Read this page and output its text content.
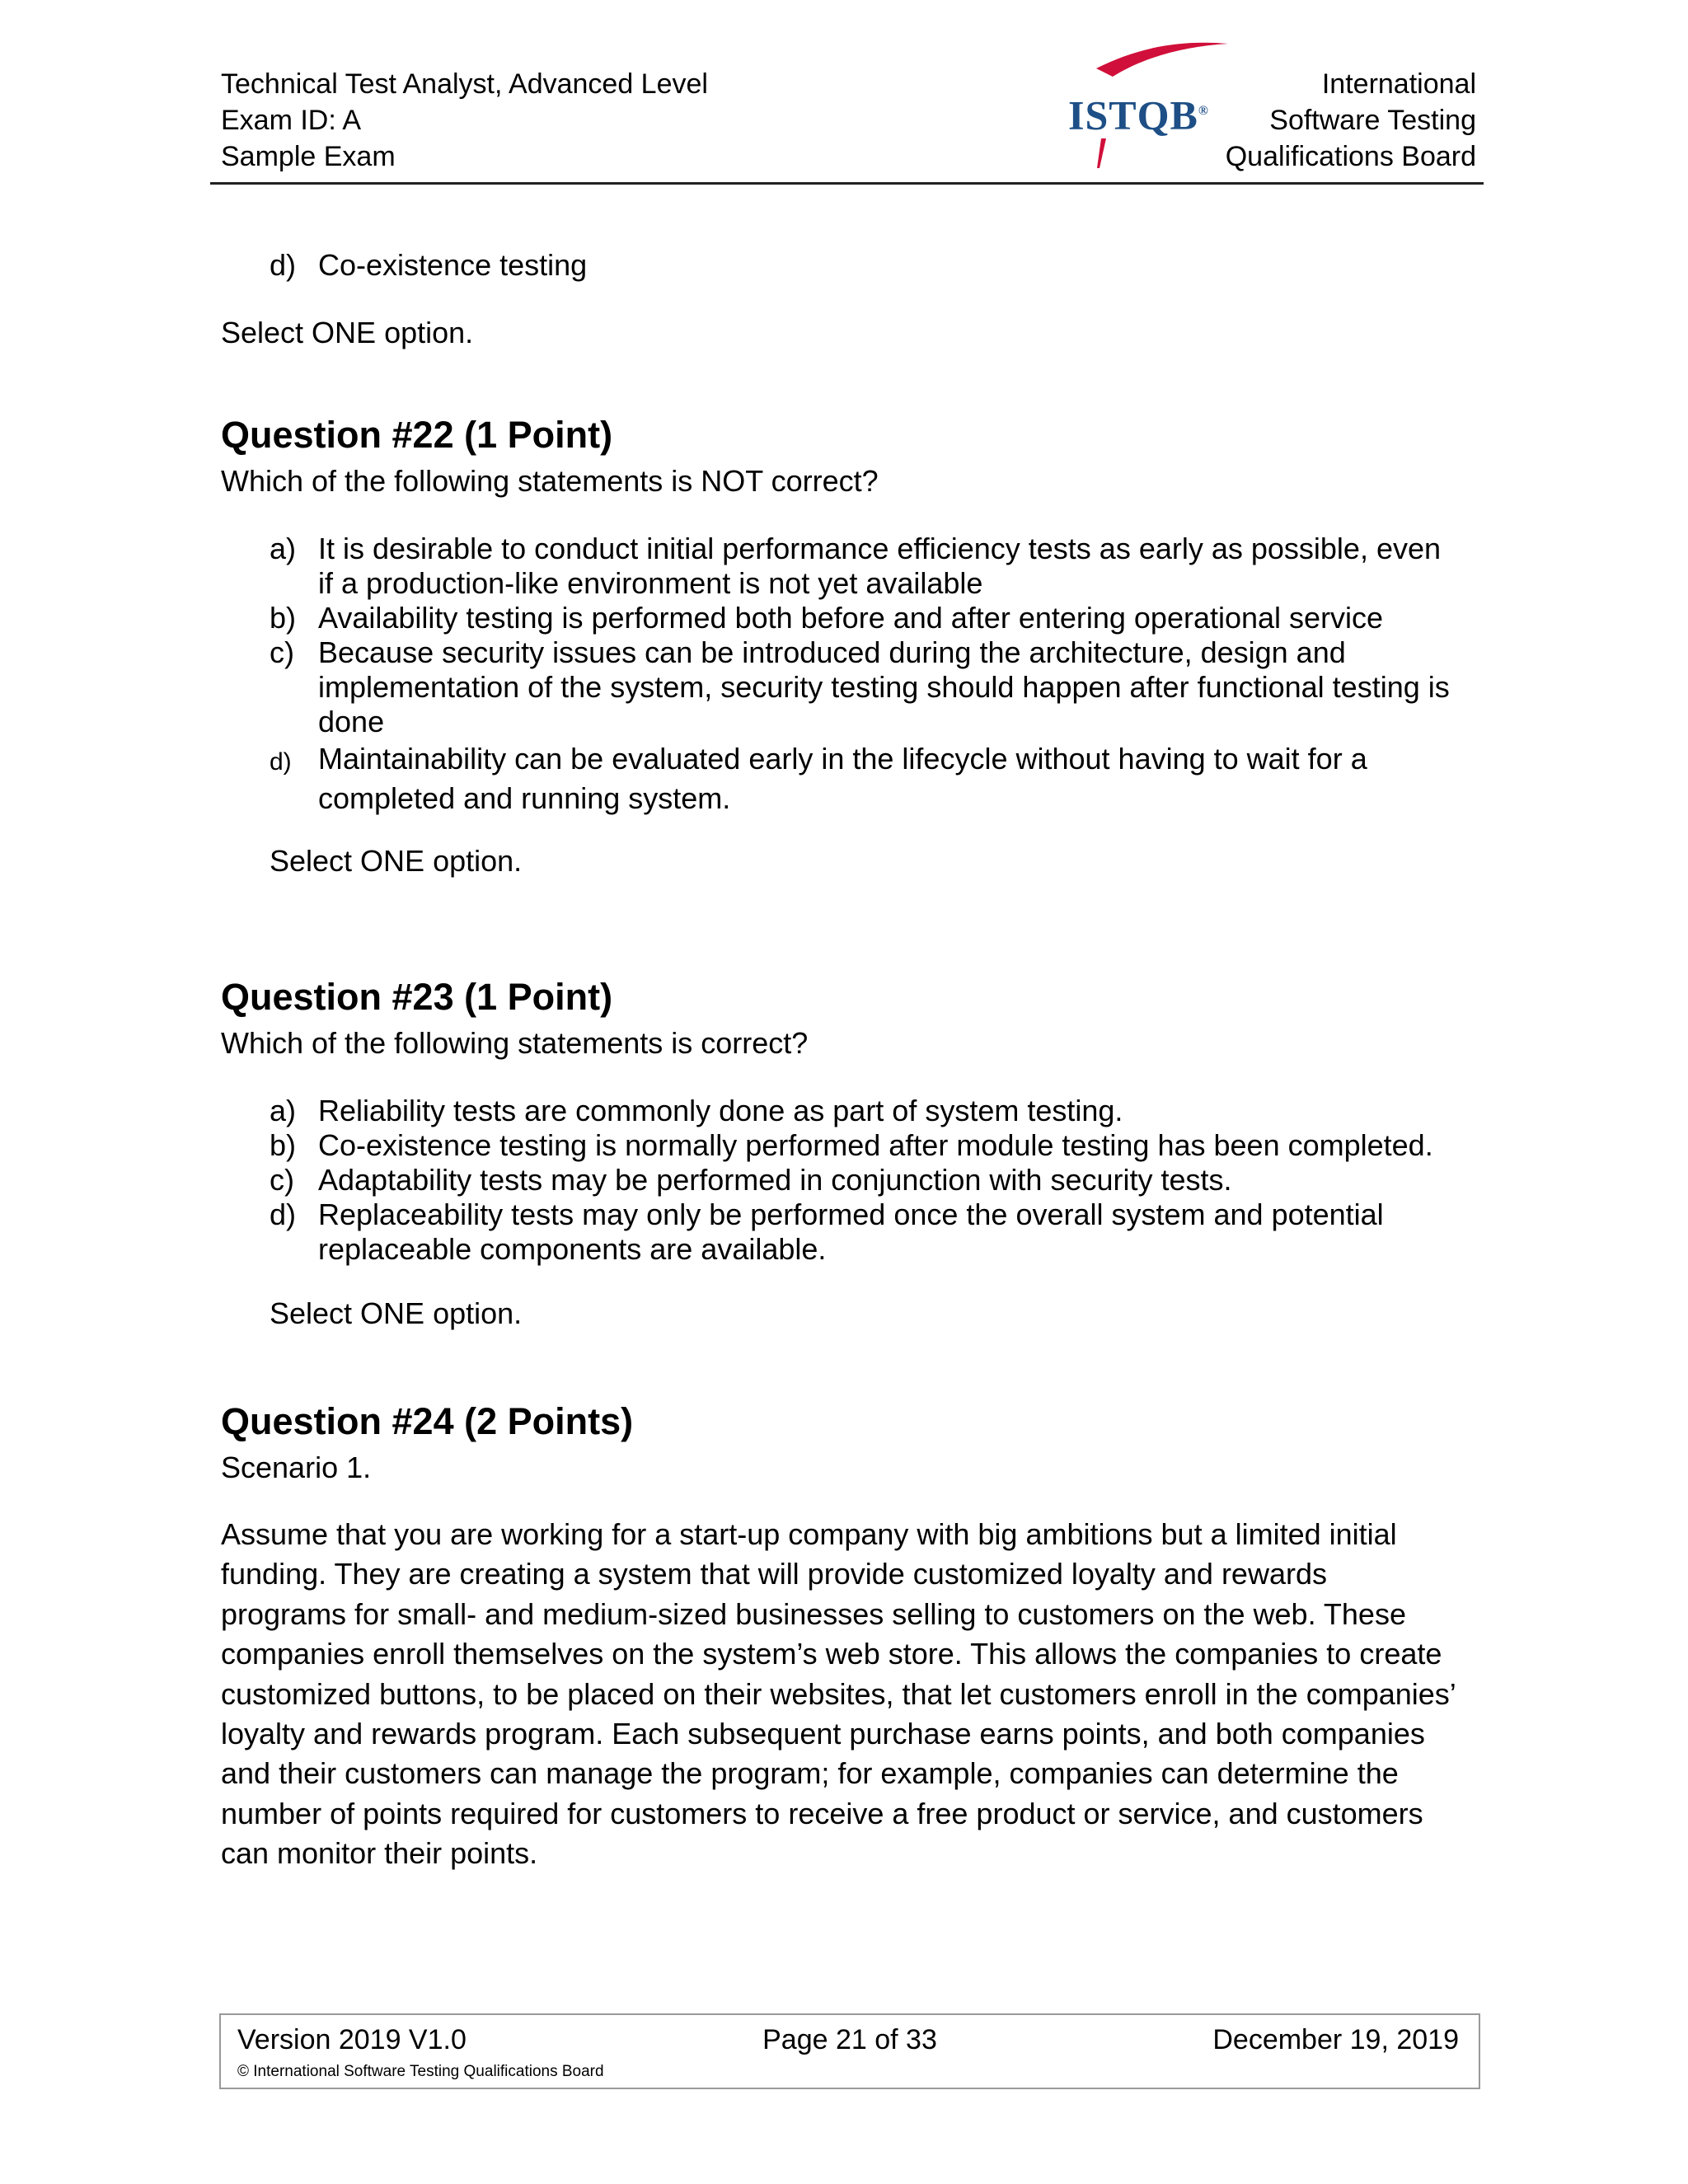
Technical Test Analyst, Advanced Level
Exam ID: A
Sample Exam
ISTQB®
International
Software Testing
Qualifications Board
d) Co-existence testing
Select ONE option.
Question #22 (1 Point)
Which of the following statements is NOT correct?
a) It is desirable to conduct initial performance efficiency tests as early as possible, even
if a production-like environment is not yet available
b) Availability testing is performed both before and after entering operational service
c) Because security issues can be introduced during the architecture, design and
implementation of the system, security testing should happen after functional testing is
done
d) Maintainability can be evaluated early in the lifecycle without having to wait for a
completed and running system.
Select ONE option.
Question #23 (1 Point)
Which of the following statements is correct?
a) Reliability tests are commonly done as part of system testing.
b) Co-existence testing is normally performed after module testing has been completed.
c) Adaptability tests may be performed in conjunction with security tests.
d) Replaceability tests may only be performed once the overall system and potential
replaceable components are available.
Select ONE option.
Question #24 (2 Points)
Scenario 1.
Assume that you are working for a start-up company with big ambitions but a limited initial
funding. They are creating a system that will provide customized loyalty and rewards
programs for small- and medium-sized businesses selling to customers on the web. These
companies enroll themselves on the system’s web store. This allows the companies to create
customized buttons, to be placed on their websites, that let customers enroll in the companies’
loyalty and rewards program. Each subsequent purchase earns points, and both companies
and their customers can manage the program; for example, companies can determine the
number of points required for customers to receive a free product or service, and customers
can monitor their points.
Version 2019 V1.0	Page 21 of 33	December 19, 2019
© International Software Testing Qualifications Board
